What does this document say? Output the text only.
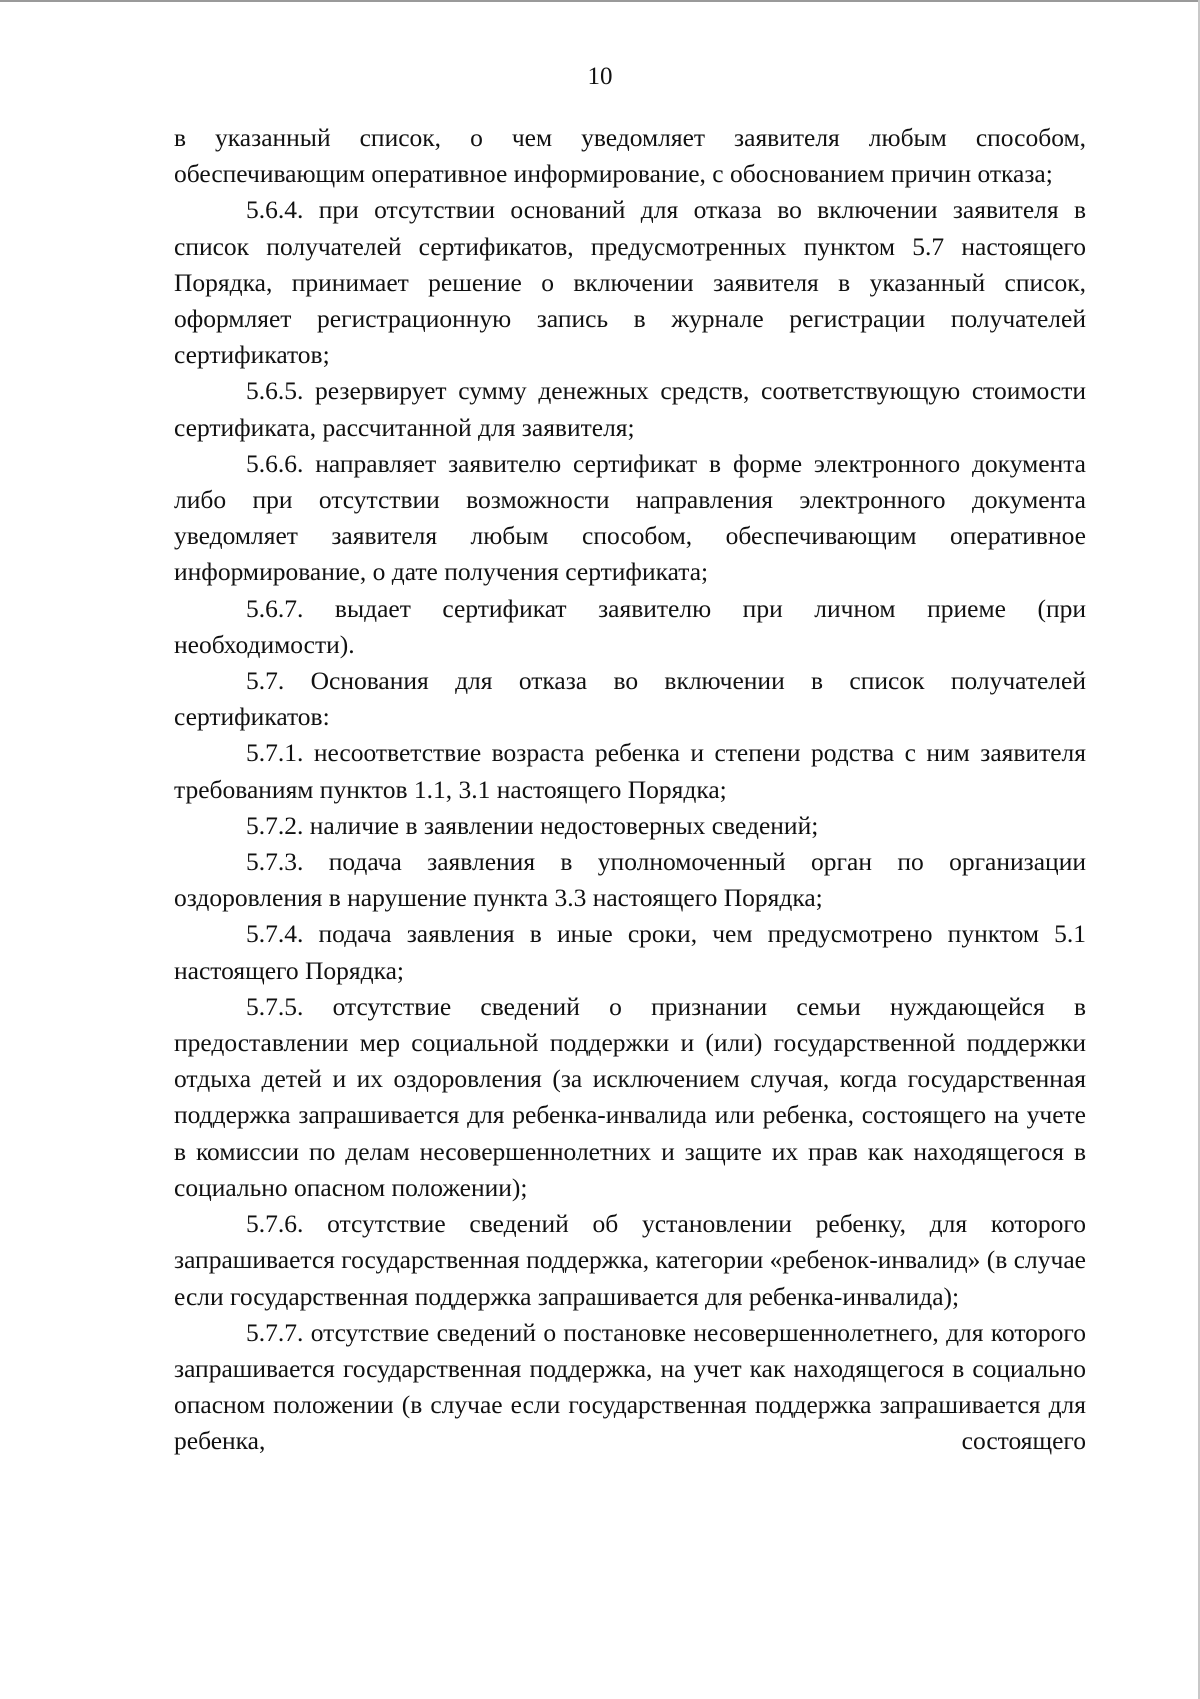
10

в указанный список, о чем уведомляет заявителя любым способом, обеспечивающим оперативное информирование, с обоснованием причин отказа;

5.6.4. при отсутствии оснований для отказа во включении заявителя в список получателей сертификатов, предусмотренных пунктом 5.7 настоящего Порядка, принимает решение о включении заявителя в указанный список, оформляет регистрационную запись в журнале регистрации получателей сертификатов;

5.6.5. резервирует сумму денежных средств, соответствующую стоимости сертификата, рассчитанной для заявителя;

5.6.6. направляет заявителю сертификат в форме электронного документа либо при отсутствии возможности направления электронного документа уведомляет заявителя любым способом, обеспечивающим оперативное информирование, о дате получения сертификата;

5.6.7. выдает сертификат заявителю при личном приеме (при необходимости).

5.7. Основания для отказа во включении в список получателей сертификатов:

5.7.1. несоответствие возраста ребенка и степени родства с ним заявителя требованиям пунктов 1.1, 3.1 настоящего Порядка;

5.7.2. наличие в заявлении недостоверных сведений;

5.7.3. подача заявления в уполномоченный орган по организации оздоровления в нарушение пункта 3.3 настоящего Порядка;

5.7.4. подача заявления в иные сроки, чем предусмотрено пунктом 5.1 настоящего Порядка;

5.7.5. отсутствие сведений о признании семьи нуждающейся в предоставлении мер социальной поддержки и (или) государственной поддержки отдыха детей и их оздоровления (за исключением случая, когда государственная поддержка запрашивается для ребенка-инвалида или ребенка, состоящего на учете в комиссии по делам несовершеннолетних и защите их прав как находящегося в социально опасном положении);

5.7.6. отсутствие сведений об установлении ребенку, для которого запрашивается государственная поддержка, категории «ребенок-инвалид» (в случае если государственная поддержка запрашивается для ребенка-инвалида);

5.7.7. отсутствие сведений о постановке несовершеннолетнего, для которого запрашивается государственная поддержка, на учет как находящегося в социально опасном положении (в случае если государственная поддержка запрашивается для ребенка, состоящего
